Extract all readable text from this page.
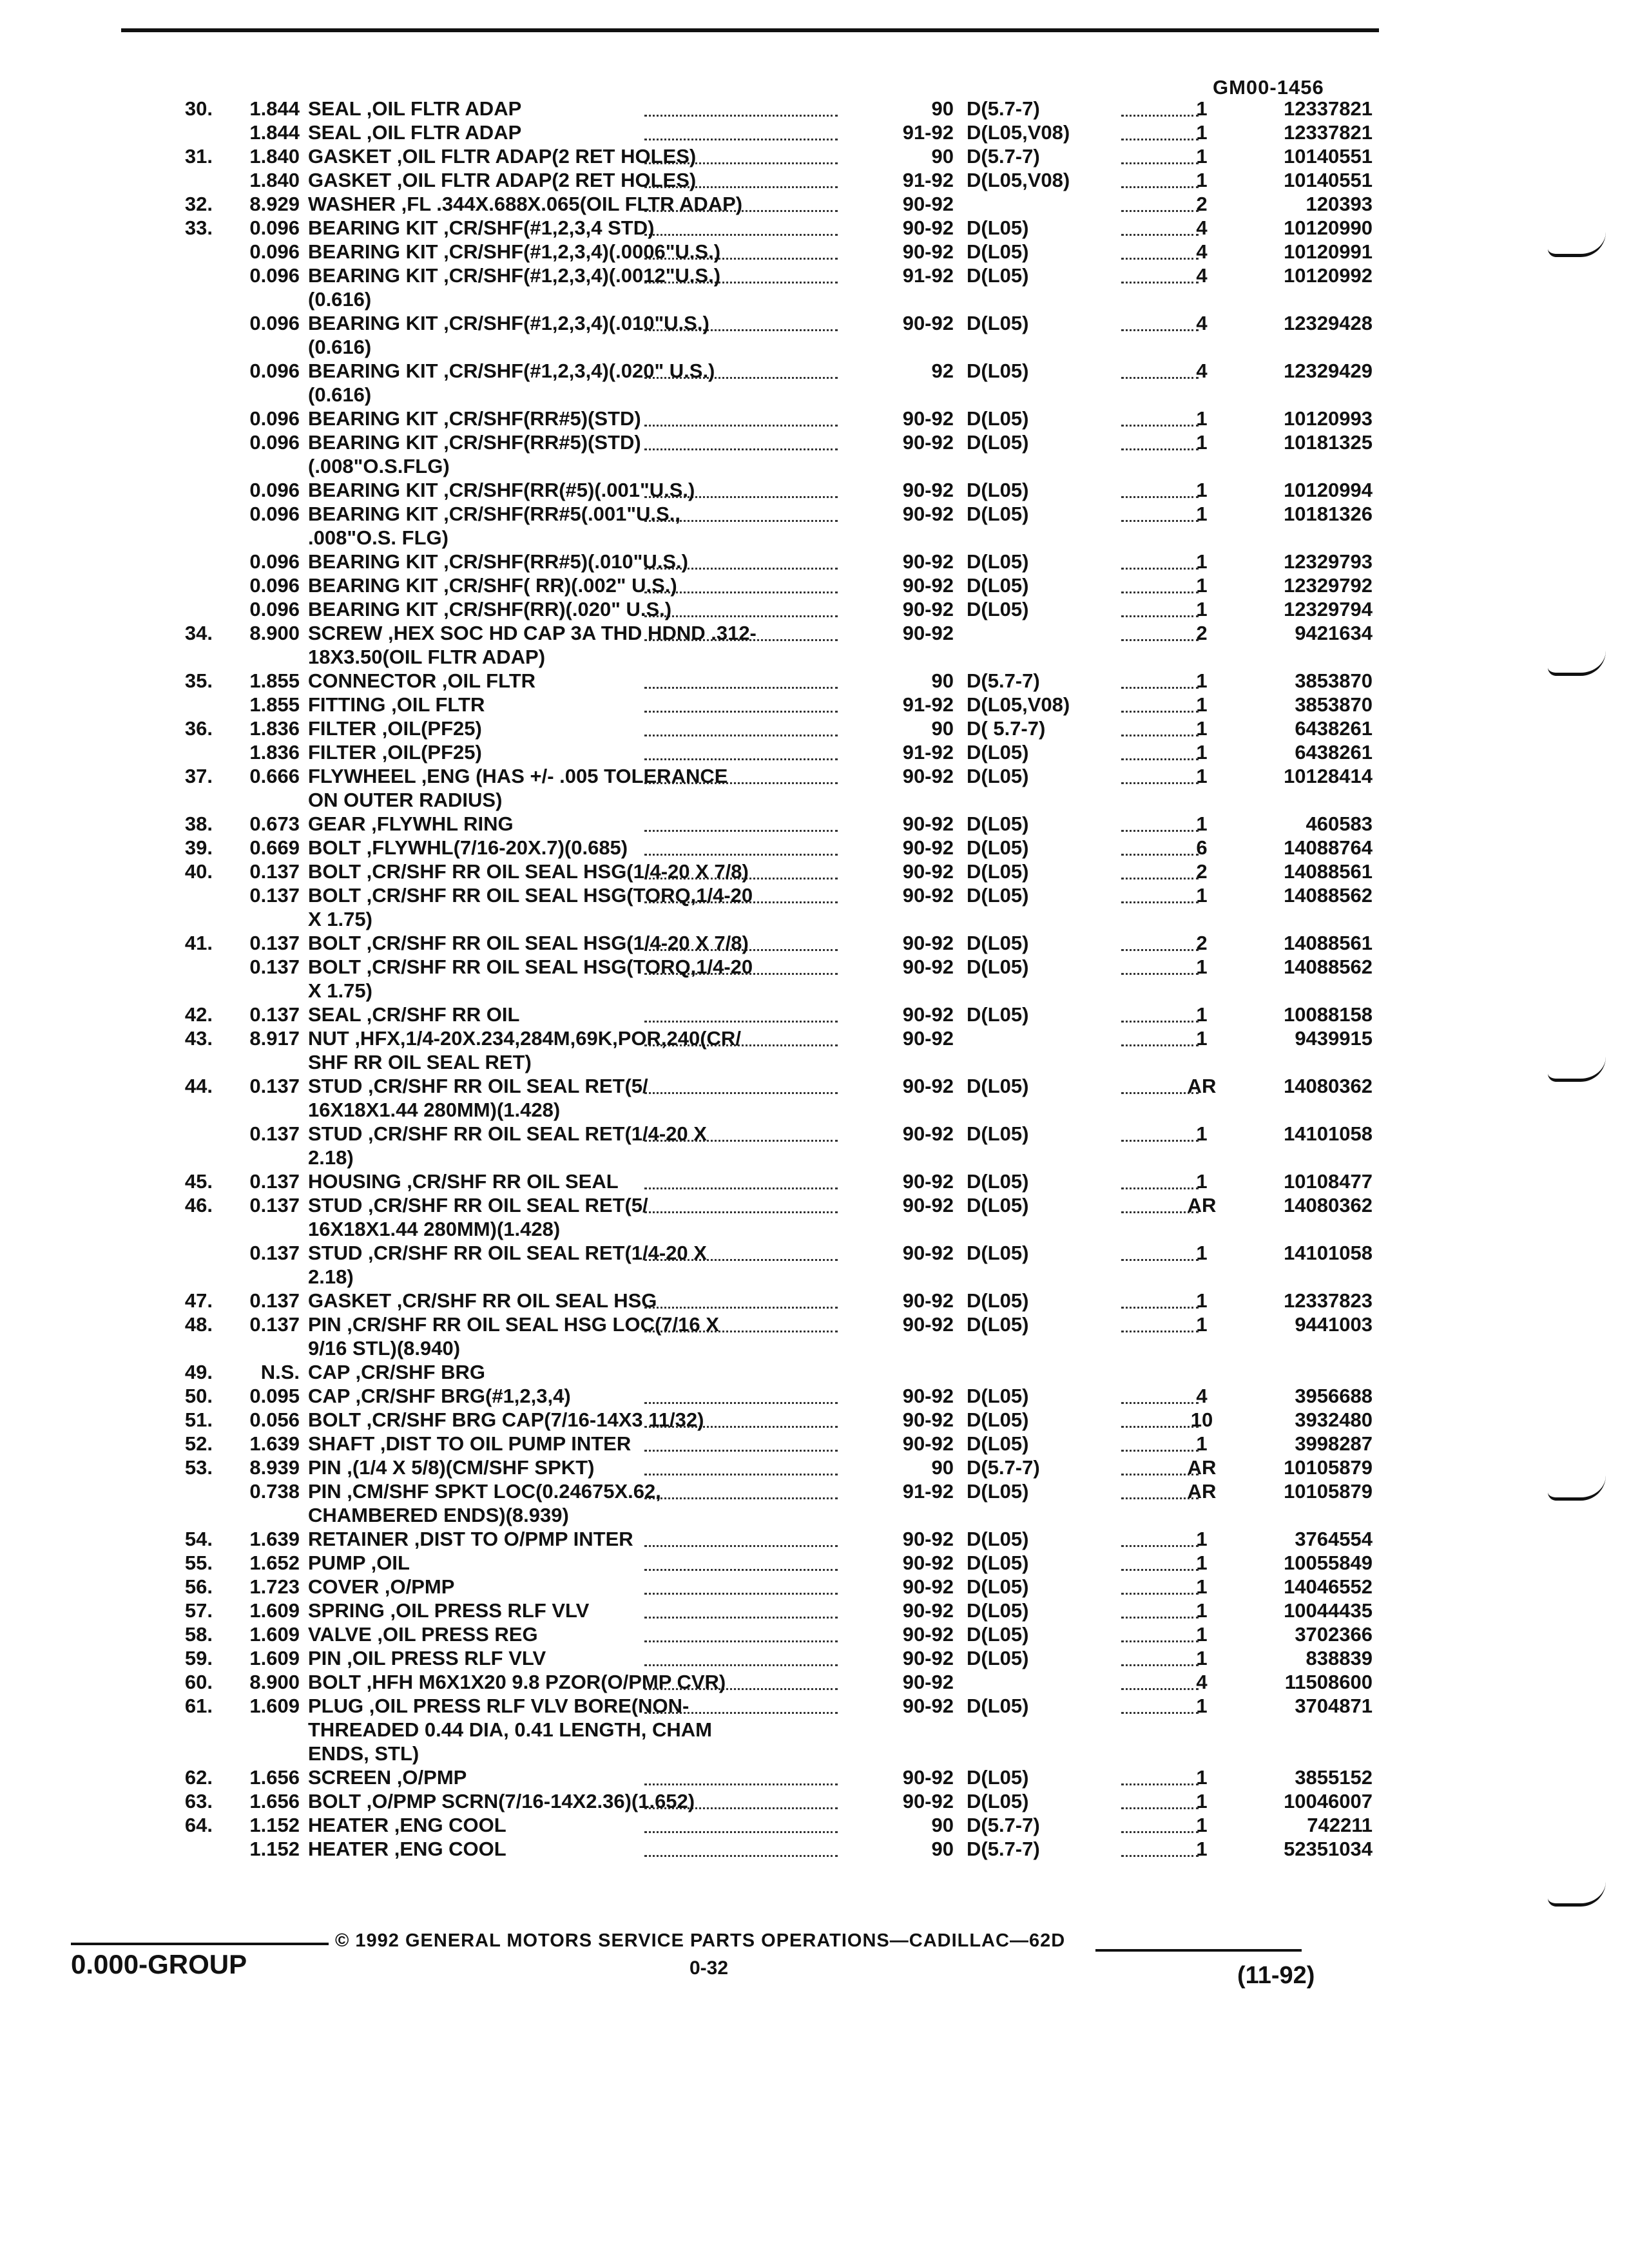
GM00-1456
30.	1.844 SEAL ,OIL FLTR ADAP	90 D(5.7-7)	1	12337821
1.844 SEAL ,OIL FLTR ADAP	91-92 D(L05,V08)	1	12337821
31.	1.840 GASKET ,OIL FLTR ADAP(2 RET HOLES)	90 D(5.7-7)	1	10140551
1.840 GASKET ,OIL FLTR ADAP(2 RET HOLES)	91-92 D(L05,V08)	1	10140551
32.	8.929 WASHER ,FL .344X.688X.065(OIL FLTR ADAP)	90-92	2	120393
33.	0.096 BEARING KIT ,CR/SHF(#1,2,3,4 STD)	90-92 D(L05)	4	10120990
0.096 BEARING KIT ,CR/SHF(#1,2,3,4)(.0006"U.S.)	90-92 D(L05)	4	10120991
0.096 BEARING KIT ,CR/SHF(#1,2,3,4)(.0012"U.S.)	91-92 D(L05)	4	10120992
(0.616)
0.096 BEARING KIT ,CR/SHF(#1,2,3,4)(.010"U.S.)	90-92 D(L05)	4	12329428
(0.616)
0.096 BEARING KIT ,CR/SHF(#1,2,3,4)(.020" U.S.)	92 D(L05)	4	12329429
(0.616)
0.096 BEARING KIT ,CR/SHF(RR#5)(STD)	90-92 D(L05)	1	10120993
0.096 BEARING KIT ,CR/SHF(RR#5)(STD)	90-92 D(L05)	1	10181325
(.008"O.S.FLG)
0.096 BEARING KIT ,CR/SHF(RR(#5)(.001"U.S.)	90-92 D(L05)	1	10120994
0.096 BEARING KIT ,CR/SHF(RR#5(.001"U.S.,	90-92 D(L05)	1	10181326
.008"O.S. FLG)
0.096 BEARING KIT ,CR/SHF(RR#5)(.010"U.S.)	90-92 D(L05)	1	12329793
0.096 BEARING KIT ,CR/SHF( RR)(.002" U.S.)	90-92 D(L05)	1	12329792
0.096 BEARING KIT ,CR/SHF(RR)(.020" U.S.)	90-92 D(L05)	1	12329794
34.	8.900 SCREW ,HEX SOC HD CAP 3A THD HDND .312-	90-92	2	9421634
18X3.50(OIL FLTR ADAP)
35.	1.855 CONNECTOR ,OIL FLTR	90 D(5.7-7)	1	3853870
1.855 FITTING ,OIL FLTR	91-92 D(L05,V08)	1	3853870
36.	1.836 FILTER ,OIL(PF25)	90 D( 5.7-7)	1	6438261
1.836 FILTER ,OIL(PF25)	91-92 D(L05)	1	6438261
37.	0.666 FLYWHEEL ,ENG (HAS +/- .005 TOLERANCE	90-92 D(L05)	1	10128414
ON OUTER RADIUS)
38.	0.673 GEAR ,FLYWHL RING	90-92 D(L05)	1	460583
39.	0.669 BOLT ,FLYWHL(7/16-20X.7)(0.685)	90-92 D(L05)	6	14088764
40.	0.137 BOLT ,CR/SHF RR OIL SEAL HSG(1/4-20 X 7/8)	90-92 D(L05)	2	14088561
0.137 BOLT ,CR/SHF RR OIL SEAL HSG(TORQ,1/4-20	90-92 D(L05)	1	14088562
X 1.75)
41.	0.137 BOLT ,CR/SHF RR OIL SEAL HSG(1/4-20 X 7/8)	90-92 D(L05)	2	14088561
0.137 BOLT ,CR/SHF RR OIL SEAL HSG(TORQ,1/4-20	90-92 D(L05)	1	14088562
X 1.75)
42.	0.137 SEAL ,CR/SHF RR OIL	90-92 D(L05)	1	10088158
43.	8.917 NUT ,HFX,1/4-20X.234,284M,69K,POR,240(CR/	90-92	1	9439915
SHF RR OIL SEAL RET)
44.	0.137 STUD ,CR/SHF RR OIL SEAL RET(5/	90-92 D(L05)	AR	14080362
16X18X1.44 280MM)(1.428)
0.137 STUD ,CR/SHF RR OIL SEAL RET(1/4-20 X	90-92 D(L05)	1	14101058
2.18)
45.	0.137 HOUSING ,CR/SHF RR OIL SEAL	90-92 D(L05)	1	10108477
46.	0.137 STUD ,CR/SHF RR OIL SEAL RET(5/	90-92 D(L05)	AR	14080362
16X18X1.44 280MM)(1.428)
0.137 STUD ,CR/SHF RR OIL SEAL RET(1/4-20 X	90-92 D(L05)	1	14101058
2.18)
47.	0.137 GASKET ,CR/SHF RR OIL SEAL HSG	90-92 D(L05)	1	12337823
48.	0.137 PIN ,CR/SHF RR OIL SEAL HSG LOC(7/16 X	90-92 D(L05)	1	9441003
9/16 STL)(8.940)
49.	N.S. CAP ,CR/SHF BRG
50.	0.095 CAP ,CR/SHF BRG(#1,2,3,4)	90-92 D(L05)	4	3956688
51.	0.056 BOLT ,CR/SHF BRG CAP(7/16-14X3 11/32)	90-92 D(L05)	10	3932480
52.	1.639 SHAFT ,DIST TO OIL PUMP INTER	90-92 D(L05)	1	3998287
53.	8.939 PIN ,(1/4 X 5/8)(CM/SHF SPKT)	90 D(5.7-7)	AR	10105879
0.738 PIN ,CM/SHF SPKT LOC(0.24675X.62,	91-92 D(L05)	AR	10105879
CHAMBERED ENDS)(8.939)
54.	1.639 RETAINER ,DIST TO O/PMP INTER	90-92 D(L05)	1	3764554
55.	1.652 PUMP ,OIL	90-92 D(L05)	1	10055849
56.	1.723 COVER ,O/PMP	90-92 D(L05)	1	14046552
57.	1.609 SPRING ,OIL PRESS RLF VLV	90-92 D(L05)	1	10044435
58.	1.609 VALVE ,OIL PRESS REG	90-92 D(L05)	1	3702366
59.	1.609 PIN ,OIL PRESS RLF VLV	90-92 D(L05)	1	838839
60.	8.900 BOLT ,HFH M6X1X20 9.8 PZOR(O/PMP CVR)	90-92	4	11508600
61.	1.609 PLUG ,OIL PRESS RLF VLV BORE(NON-	90-92 D(L05)	1	3704871
THREADED 0.44 DIA, 0.41 LENGTH, CHAM
ENDS, STL)
62.	1.656 SCREEN ,O/PMP	90-92 D(L05)	1	3855152
63.	1.656 BOLT ,O/PMP SCRN(7/16-14X2.36)(1.652)	90-92 D(L05)	1	10046007
64.	1.152 HEATER ,ENG COOL	90 D(5.7-7)	1	742211
1.152 HEATER ,ENG COOL	90 D(5.7-7)	1	52351034
0.000-GROUP
© 1992 GENERAL MOTORS SERVICE PARTS OPERATIONS—CADILLAC—62D
0-32	(11-92)
